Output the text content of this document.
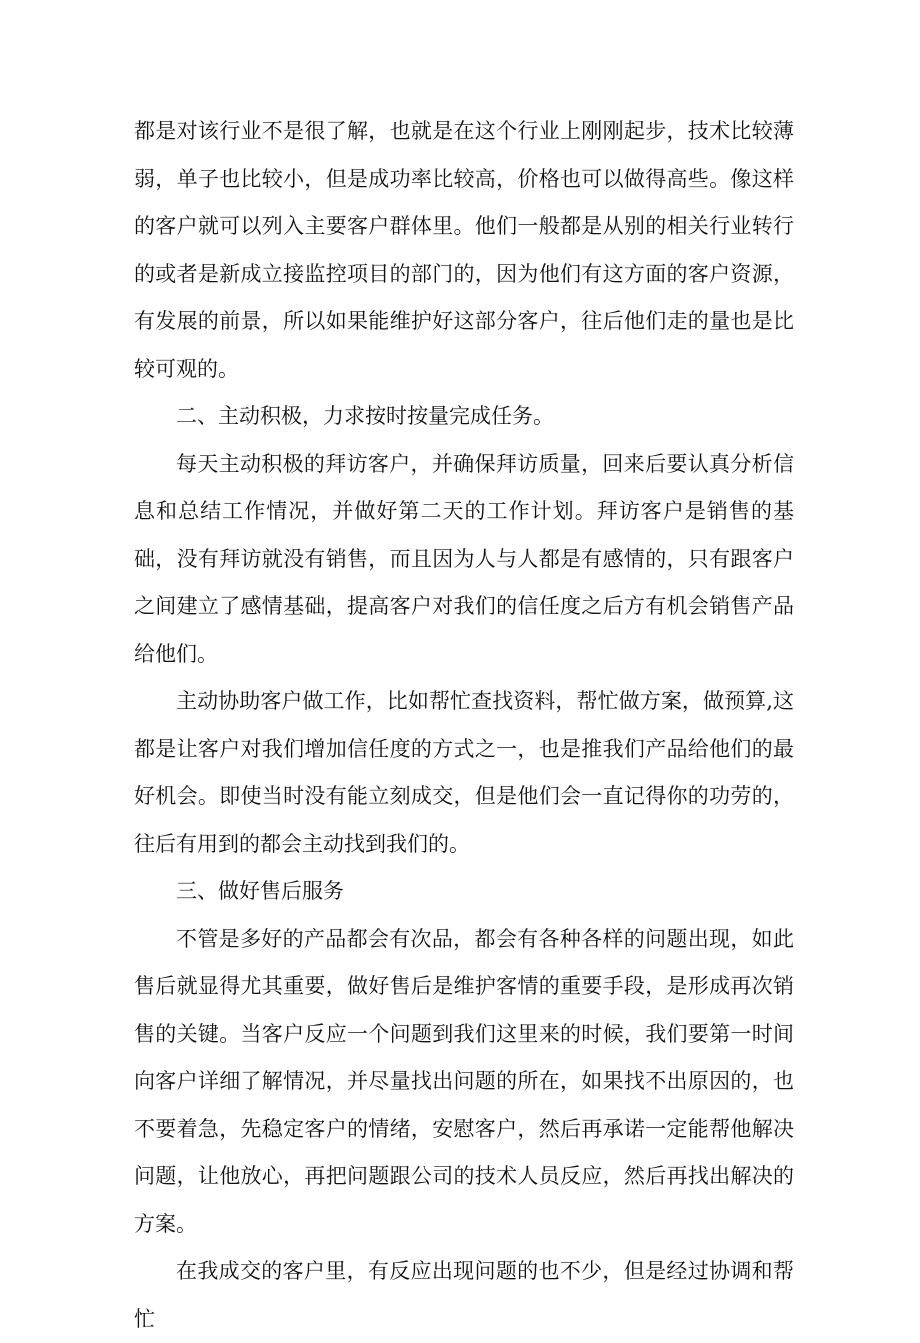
都是对该行业不是很了解，也就是在这个行业上刚刚起步，技术比较薄弱，单子也比较小，但是成功率比较高，价格也可以做得高些。像这样的客户就可以列入主要客户群体里。他们一般都是从别的相关行业转行的或者是新成立接监控项目的部门的，因为他们有这方面的客户资源，有发展的前景，所以如果能维护好这部分客户，往后他们走的量也是比较可观的。

二、主动积极，力求按时按量完成任务。

每天主动积极的拜访客户，并确保拜访质量，回来后要认真分析信息和总结工作情况，并做好第二天的工作计划。拜访客户是销售的基础，没有拜访就没有销售，而且因为人与人都是有感情的，只有跟客户之间建立了感情基础，提高客户对我们的信任度之后方有机会销售产品给他们。

主动协助客户做工作，比如帮忙查找资料，帮忙做方案，做预算,这都是让客户对我们增加信任度的方式之一，也是推我们产品给他们的最好机会。即使当时没有能立刻成交，但是他们会一直记得你的功劳的，往后有用到的都会主动找到我们的。

三、做好售后服务

不管是多好的产品都会有次品，都会有各种各样的问题出现，如此售后就显得尤其重要，做好售后是维护客情的重要手段，是形成再次销售的关键。当客户反应一个问题到我们这里来的时候，我们要第一时间向客户详细了解情况，并尽量找出问题的所在，如果找不出原因的，也不要着急，先稳定客户的情绪，安慰客户，然后再承诺一定能帮他解决问题，让他放心，再把问题跟公司的技术人员反应，然后再找出解决的方案。

在我成交的客户里，有反应出现问题的也不少，但是经过协调和帮忙
